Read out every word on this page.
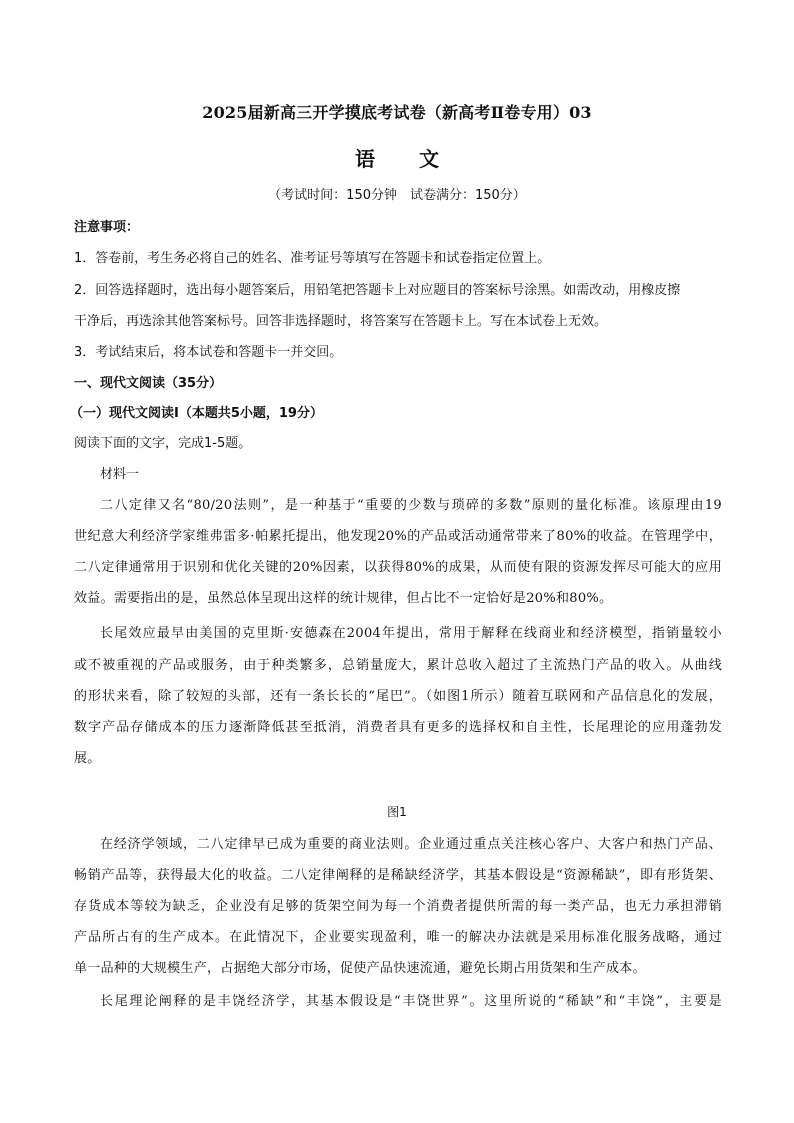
2025届新高三开学摸底考试卷（新高考Ⅱ卷专用）03
语 文
（考试时间：150分钟　试卷满分：150分）
注意事项：
1．答卷前，考生务必将自己的姓名、准考证号等填写在答题卡和试卷指定位置上。
2．回答选择题时，选出每小题答案后，用铅笔把答题卡上对应题目的答案标号涂黑。如需改动，用橡皮擦
干净后，再选涂其他答案标号。回答非选择题时，将答案写在答题卡上。写在本试卷上无效。
3．考试结束后，将本试卷和答题卡一并交回。
一、现代文阅读（35分）
（一）现代文阅读Ⅰ（本题共5小题，19分）
阅读下面的文字，完成1-5题。
材料一
二八定律又名“80/20法则”，是一种基于“重要的少数与琐碎的多数”原则的量化标准。该原理由19
世纪意大利经济学家维弗雷多·帕累托提出，他发现20%的产品或活动通常带来了80%的收益。在管理学中，
二八定律通常用于识别和优化关键的20%因素，以获得80%的成果，从而使有限的资源发挥尽可能大的应用
效益。需要指出的是，虽然总体呈现出这样的统计规律，但占比不一定恰好是20%和80%。
长尾效应最早由美国的克里斯·安德森在2004年提出，常用于解释在线商业和经济模型，指销量较小
或不被重视的产品或服务，由于种类繁多，总销量庞大，累计总收入超过了主流热门产品的收入。从曲线
的形状来看，除了较短的头部，还有一条长长的“尾巴”。（如图1所示）随着互联网和产品信息化的发展，
数字产品存储成本的压力逐渐降低甚至抵消，消费者具有更多的选择权和自主性，长尾理论的应用蓬勃发
展。
图1
在经济学领域，二八定律早已成为重要的商业法则。企业通过重点关注核心客户、大客户和热门产品、
畅销产品等，获得最大化的收益。二八定律阐释的是稀缺经济学，其基本假设是“资源稀缺”，即有形货架、
存货成本等较为缺乏，企业没有足够的货架空间为每一个消费者提供所需的每一类产品，也无力承担滞销
产品所占有的生产成本。在此情况下，企业要实现盈利，唯一的解决办法就是采用标准化服务战略，通过
单一品种的大规模生产，占据绝大部分市场，促使产品快速流通，避免长期占用货架和生产成本。
长尾理论阐释的是丰饶经济学，其基本假设是“丰饶世界”。这里所说的“稀缺”和“丰饶”，主要是
